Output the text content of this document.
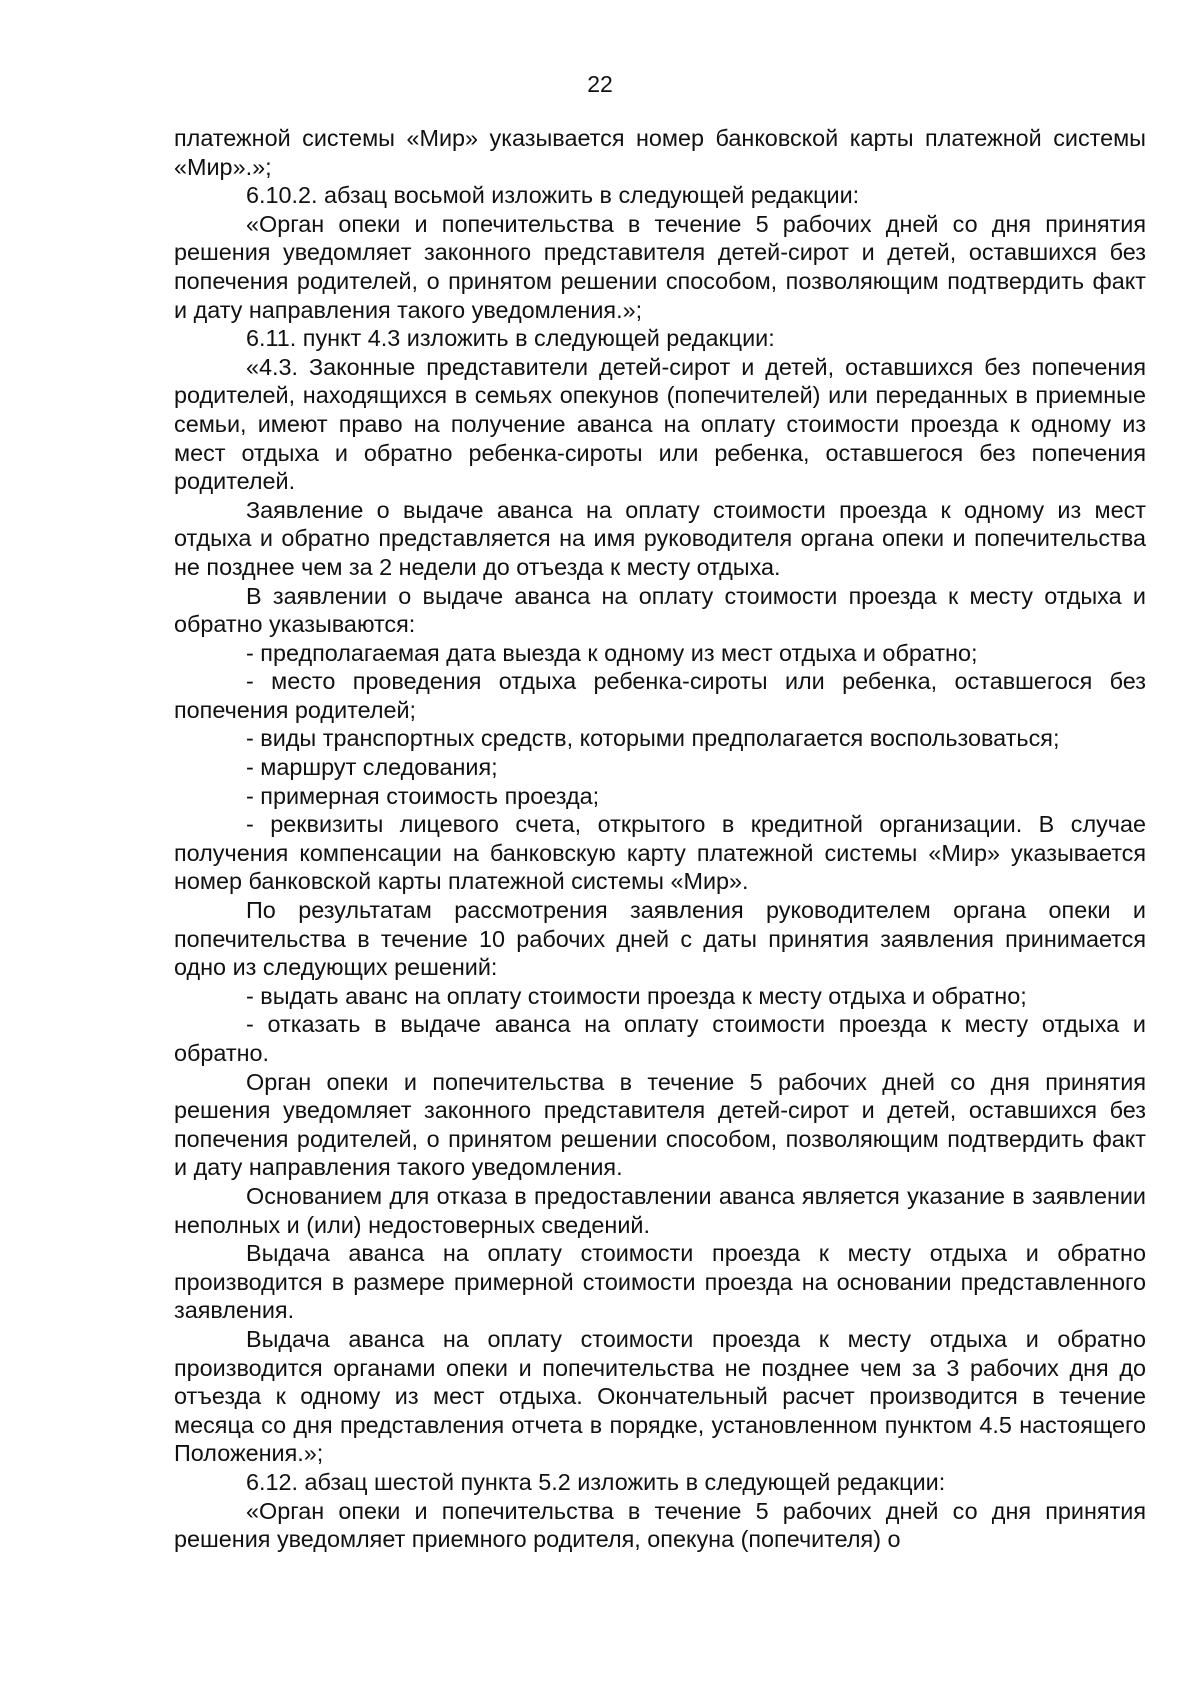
22

платежной системы «Мир» указывается номер банковской карты платежной системы «Мир».»;

6.10.2. абзац восьмой изложить в следующей редакции:

«Орган опеки и попечительства в течение 5 рабочих дней со дня принятия решения уведомляет законного представителя детей-сирот и детей, оставшихся без попечения родителей, о принятом решении способом, позволяющим подтвердить факт и дату направления такого уведомления.»;

6.11. пункт 4.3 изложить в следующей редакции:

«4.3. Законные представители детей-сирот и детей, оставшихся без попечения родителей, находящихся в семьях опекунов (попечителей) или переданных в приемные семьи, имеют право на получение аванса на оплату стоимости проезда к одному из мест отдыха и обратно ребенка-сироты или ребенка, оставшегося без попечения родителей.

Заявление о выдаче аванса на оплату стоимости проезда к одному из мест отдыха и обратно представляется на имя руководителя органа опеки и попечительства не позднее чем за 2 недели до отъезда к месту отдыха.

В заявлении о выдаче аванса на оплату стоимости проезда к месту отдыха и обратно указываются:

- предполагаемая дата выезда к одному из мест отдыха и обратно;

- место проведения отдыха ребенка-сироты или ребенка, оставшегося без попечения родителей;

- виды транспортных средств, которыми предполагается воспользоваться;

- маршрут следования;

- примерная стоимость проезда;

- реквизиты лицевого счета, открытого в кредитной организации. В случае получения компенсации на банковскую карту платежной системы «Мир» указывается номер банковской карты платежной системы «Мир».

По результатам рассмотрения заявления руководителем органа опеки и попечительства в течение 10 рабочих дней с даты принятия заявления принимается одно из следующих решений:

- выдать аванс на оплату стоимости проезда к месту отдыха и обратно;

- отказать в выдаче аванса на оплату стоимости проезда к месту отдыха и обратно.

Орган опеки и попечительства в течение 5 рабочих дней со дня принятия решения уведомляет законного представителя детей-сирот и детей, оставшихся без попечения родителей, о принятом решении способом, позволяющим подтвердить факт и дату направления такого уведомления.

Основанием для отказа в предоставлении аванса является указание в заявлении неполных и (или) недостоверных сведений.

Выдача аванса на оплату стоимости проезда к месту отдыха и обратно производится в размере примерной стоимости проезда на основании представленного заявления.

Выдача аванса на оплату стоимости проезда к месту отдыха и обратно производится органами опеки и попечительства не позднее чем за 3 рабочих дня до отъезда к одному из мест отдыха. Окончательный расчет производится в течение месяца со дня представления отчета в порядке, установленном пунктом 4.5 настоящего Положения.»;

6.12. абзац шестой пункта 5.2 изложить в следующей редакции:

«Орган опеки и попечительства в течение 5 рабочих дней со дня принятия решения уведомляет приемного родителя, опекуна (попечителя) о
